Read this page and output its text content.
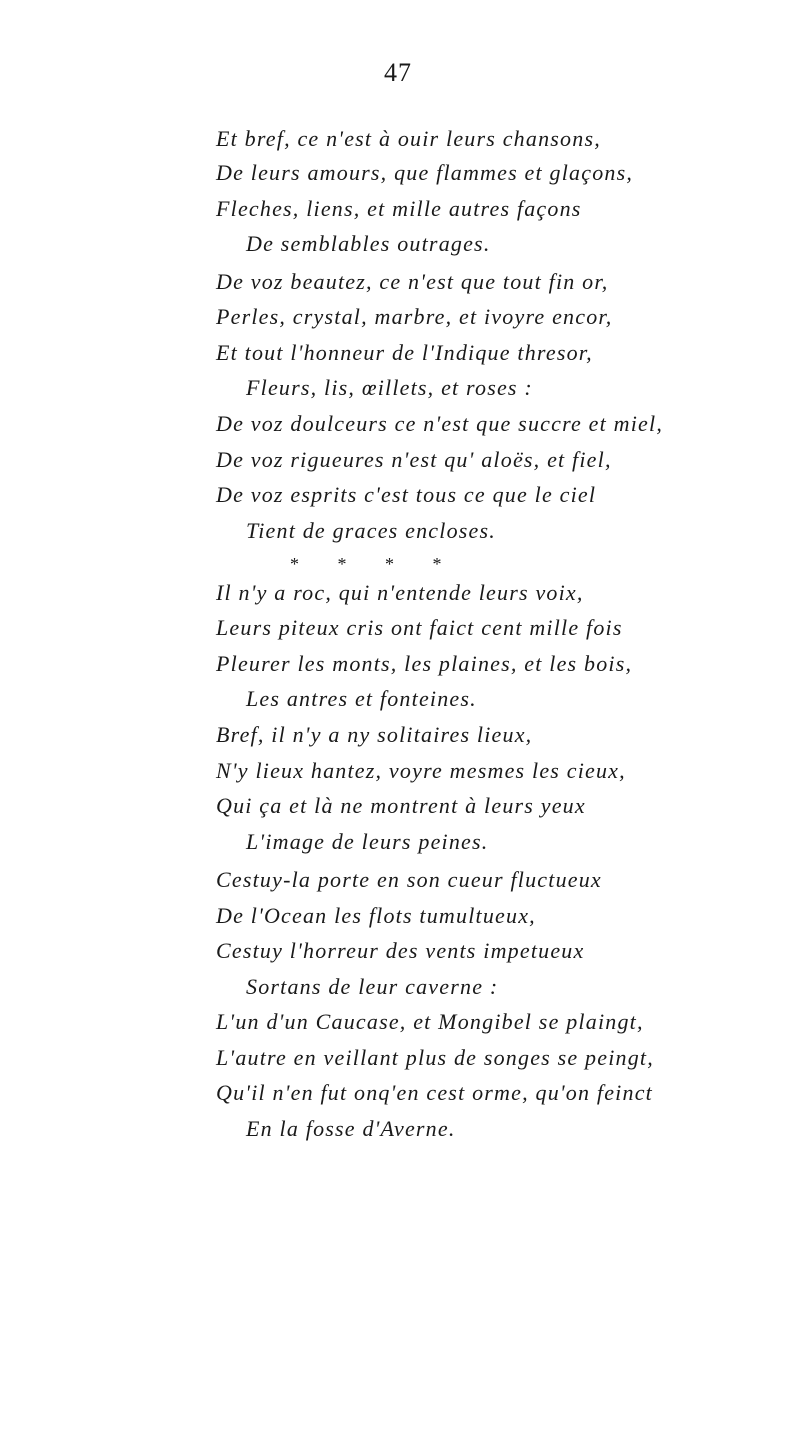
47
Et bref, ce n'est à ouir leurs chansons,
De leurs amours, que flammes et glaçons,
Fleches, liens, et mille autres façons
De semblables outrages.
De voz beautez, ce n'est que tout fin or,
Perles, crystal, marbre, et ivoyre encor,
Et tout l'honneur de l'Indique thresor,
Fleurs, lis, œillets, et roses :
De voz doulceurs ce n'est que succre et miel,
De voz rigueures n'est qu' aloës, et fiel,
De voz esprits c'est tous ce que le ciel
Tient de graces encloses.
* * * *
Il n'y a roc, qui n'entende leurs voix,
Leurs piteux cris ont faict cent mille fois
Pleurer les monts, les plaines, et les bois,
Les antres et fonteines.
Bref, il n'y a ny solitaires lieux,
N'y lieux hantez, voyre mesmes les cieux,
Qui ça et là ne montrent à leurs yeux
L'image de leurs peines.
Cestuy-la porte en son cueur fluctueux
De l'Ocean les flots tumultueux,
Cestuy l'horreur des vents impetueux
Sortans de leur caverne :
L'un d'un Caucase, et Mongibel se plaingt,
L'autre en veillant plus de songes se peingt,
Qu'il n'en fut onq'en cest orme, qu'on feinct
En la fosse d'Averne.
